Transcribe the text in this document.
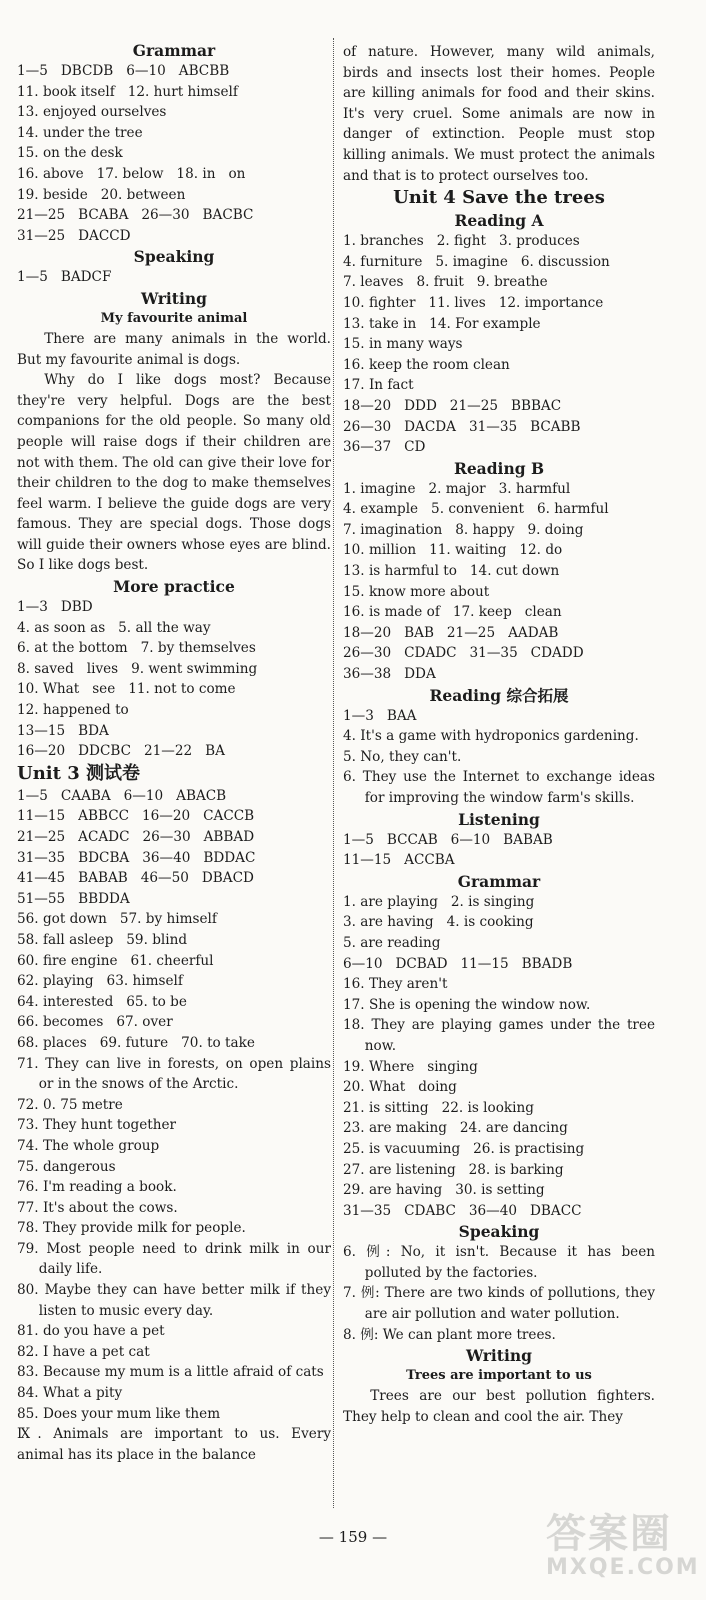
Grammar
1—5   DBCDB   6—10   ABCBB
11. book itself   12. hurt himself
13. enjoyed ourselves
14. under the tree
15. on the desk
16. above   17. below   18. in   on
19. beside   20. between
21—25   BCABA   26—30   BACBC
31—25   DACCD
Speaking
1—5   BADCF
Writing
My favourite animal
There are many animals in the world. But my favourite animal is dogs.
Why do I like dogs most? Because they're very helpful. Dogs are the best companions for the old people. So many old people will raise dogs if their children are not with them. The old can give their love for their children to the dog to make themselves feel warm. I believe the guide dogs are very famous. They are special dogs. Those dogs will guide their owners whose eyes are blind. So I like dogs best.
More practice
1—3   DBD
4. as soon as   5. all the way
6. at the bottom   7. by themselves
8. saved   lives   9. went swimming
10. What   see   11. not to come
12. happened to
13—15   BDA
16—20   DDCBC   21—22   BA
Unit 3 测试卷
1—5   CAABA   6—10   ABACB
11—15   ABBCC   16—20   CACCB
21—25   ACADC   26—30   ABBAD
31—35   BDCBA   36—40   BDDAC
41—45   BABAB   46—50   DBACD
51—55   BBDDA
56. got down   57. by himself
58. fall asleep   59. blind
60. fire engine   61. cheerful
62. playing   63. himself
64. interested   65. to be
66. becomes   67. over
68. places   69. future   70. to take
71. They can live in forests, on open plains or in the snows of the Arctic.
72. 0. 75 metre
73. They hunt together
74. The whole group
75. dangerous
76. I'm reading a book.
77. It's about the cows.
78. They provide milk for people.
79. Most people need to drink milk in our daily life.
80. Maybe they can have better milk if they listen to music every day.
81. do you have a pet
82. I have a pet cat
83. Because my mum is a little afraid of cats
84. What a pity
85. Does your mum like them
Ⅸ. Animals are important to us. Every animal has its place in the balance
of nature. However, many wild animals, birds and insects lost their homes. People are killing animals for food and their skins. It's very cruel. Some animals are now in danger of extinction. People must stop killing animals. We must protect the animals and that is to protect ourselves too.
Unit 4 Save the trees
Reading A
1. branches   2. fight   3. produces
4. furniture   5. imagine   6. discussion
7. leaves   8. fruit   9. breathe
10. fighter   11. lives   12. importance
13. take in   14. For example
15. in many ways
16. keep the room clean
17. In fact
18—20   DDD   21—25   BBBAC
26—30   DACDA   31—35   BCABB
36—37   CD
Reading B
1. imagine   2. major   3. harmful
4. example   5. convenient   6. harmful
7. imagination   8. happy   9. doing
10. million   11. waiting   12. do
13. is harmful to   14. cut down
15. know more about
16. is made of   17. keep   clean
18—20   BAB   21—25   AADAB
26—30   CDADC   31—35   CDADD
36—38   DDA
Reading 综合拓展
1—3   BAA
4. It's a game with hydroponics gardening.
5. No, they can't.
6. They use the Internet to exchange ideas for improving the window farm's skills.
Listening
1—5   BCCAB   6—10   BABAB
11—15   ACCBA
Grammar
1. are playing   2. is singing
3. are having   4. is cooking
5. are reading
6—10   DCBAD   11—15   BBADB
16. They aren't
17. She is opening the window now.
18. They are playing games under the tree now.
19. Where   singing
20. What   doing
21. is sitting   22. is looking
23. are making   24. are dancing
25. is vacuuming   26. is practising
27. are listening   28. is barking
29. are having   30. is setting
31—35   CDABC   36—40   DBACC
Speaking
6. 例: No, it isn't. Because it has been polluted by the factories.
7. 例: There are two kinds of pollutions, they are air pollution and water pollution.
8. 例: We can plant more trees.
Writing
Trees are important to us
Trees are our best pollution fighters. They help to clean and cool the air. They
— 159 —	答案圈
MXQE.COM
